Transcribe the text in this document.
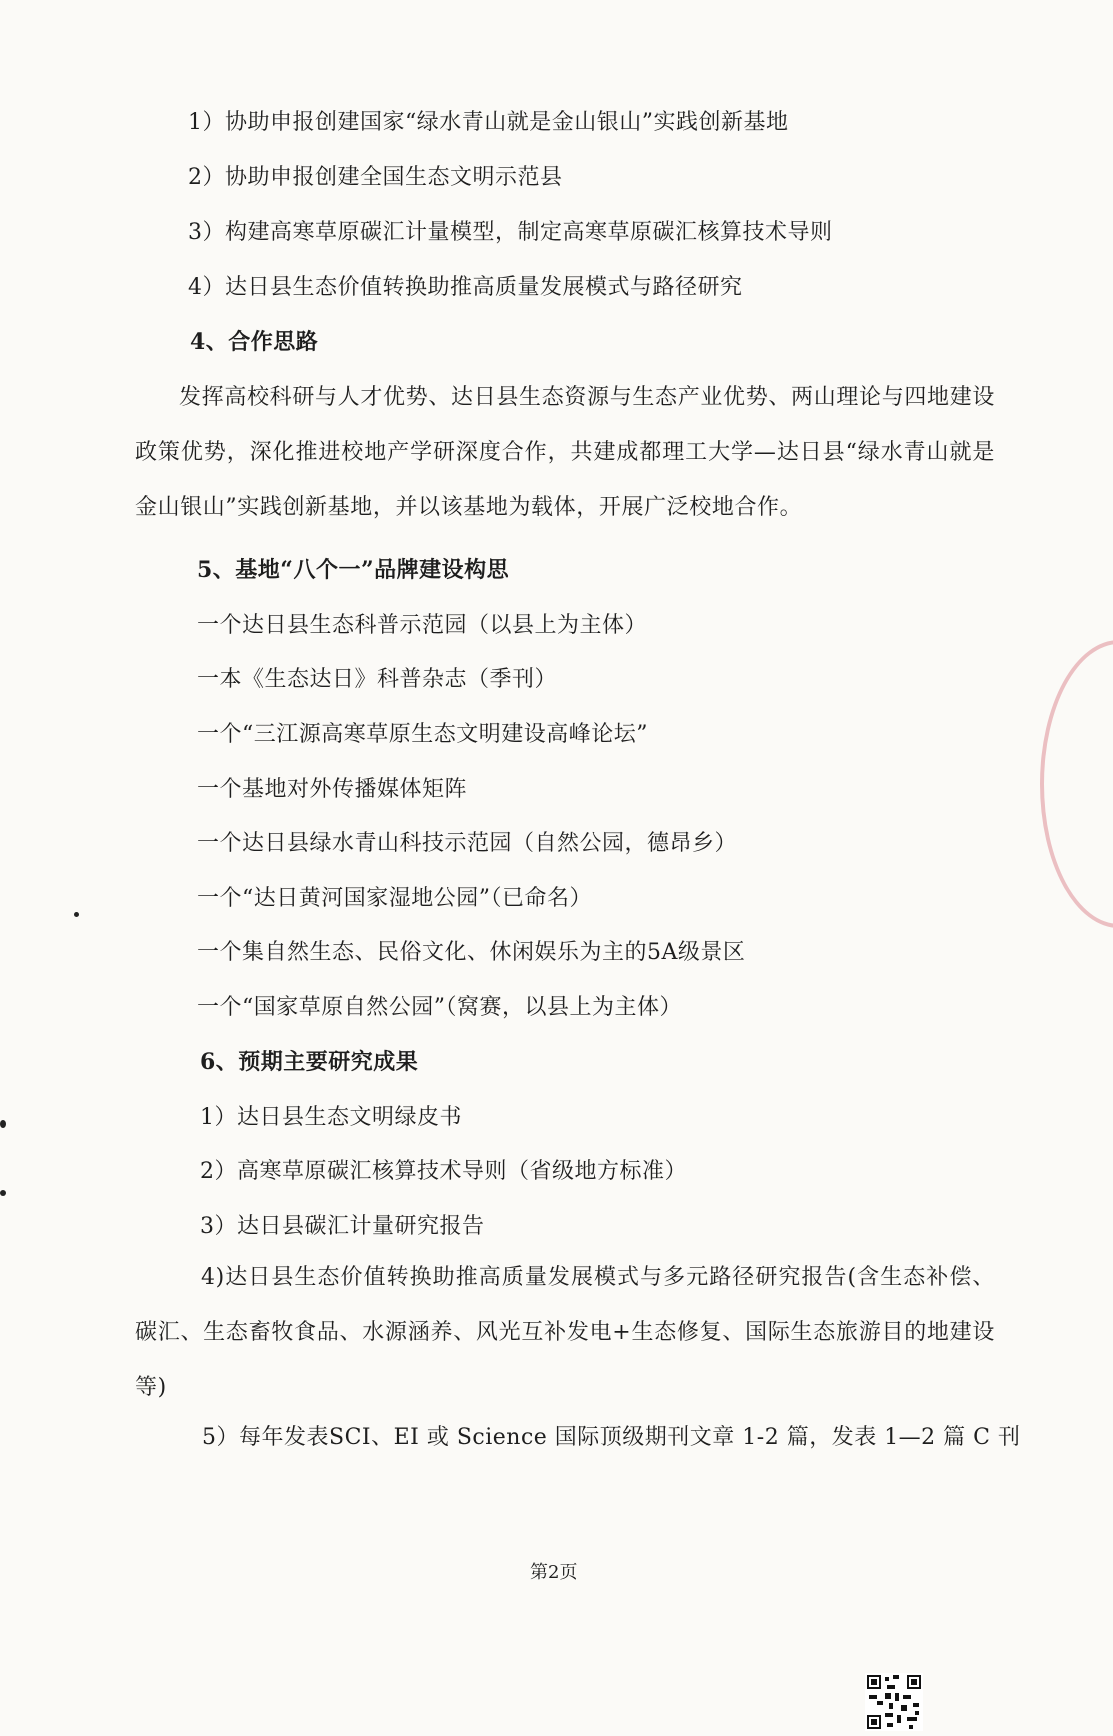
1）协助申报创建国家“绿水青山就是金山银山”实践创新基地
2）协助申报创建全国生态文明示范县
3）构建高寒草原碳汇计量模型，制定高寒草原碳汇核算技术导则
4）达日县生态价值转换助推高质量发展模式与路径研究
4、合作思路
发挥高校科研与人才优势、达日县生态资源与生态产业优势、两山理论与四地建设政策优势，深化推进校地产学研深度合作，共建成都理工大学—达日县“绿水青山就是金山银山”实践创新基地，并以该基地为载体，开展广泛校地合作。
5、基地“八个一”品牌建设构思
一个达日县生态科普示范园（以县上为主体）
一本《生态达日》科普杂志（季刊）
一个“三江源高寒草原生态文明建设高峰论坛”
一个基地对外传播媒体矩阵
一个达日县绿水青山科技示范园（自然公园，德昂乡）
一个“达日黄河国家湿地公园”（已命名）
一个集自然生态、民俗文化、休闲娱乐为主的5A级景区
一个“国家草原自然公园”（窝赛，以县上为主体）
6、预期主要研究成果
1）达日县生态文明绿皮书
2）高寒草原碳汇核算技术导则（省级地方标准）
3）达日县碳汇计量研究报告
4)达日县生态价值转换助推高质量发展模式与多元路径研究报告(含生态补偿、碳汇、生态畜牧食品、水源涵养、风光互补发电+生态修复、国际生态旅游目的地建设等)
5）每年发表SCI、EI 或 Science 国际顶级期刊文章 1-2 篇，发表 1—2 篇 C 刊
第2页
